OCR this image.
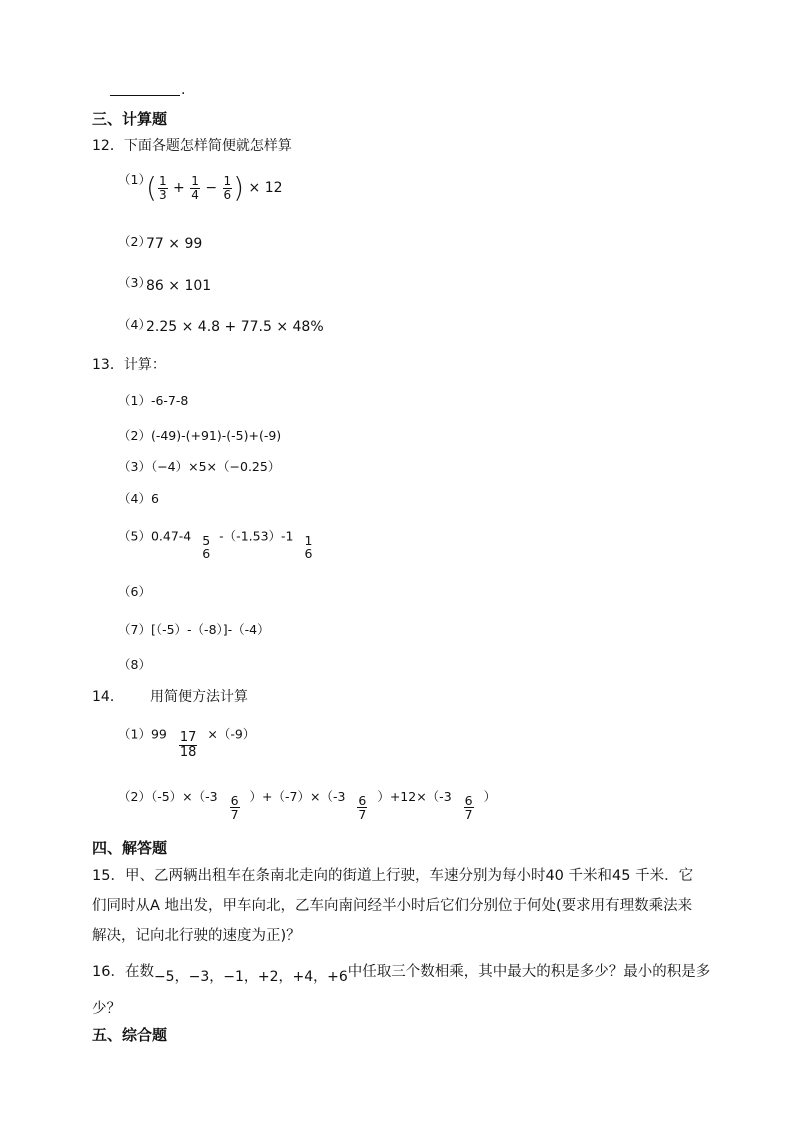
.
三、计算题
12．下面各题怎样简便就怎样算
$^{(1)}$
( $\frac{1}{3} + \frac{1}{4} - \frac{1}{6}$ ) × 12
（2）
77 × 99
（3）
86 × 101
（4）
2.25 × 4.8 + 77.5 × 48%
13．计算：
（1）-6-7-8
（2）(-49)-(+91)-(-5)+(-9)
（3）（−4）×5×（−0.25）
（4）6
（5）0.47-4 5
6
-（-1.53）-1 1
6
（6）
（7）[（-5）-（-8）]-（-4）
（8）
14． 用简便方法计算
$(1)99 \frac{17}{18} \times(-9)$
$(2)(-5)\times(-3 \frac{6}{7} )+(-7)\times(-3 \frac{6}{7} )+12\times(-3 \frac{6}{7}$ ）
四、解答题
15．甲、乙两辆出租车在条南北走向的街道上行驶，车速分别为每小时40 千米和45 千米．它
们同时从A 地出发，甲车向北，乙车向南问经半小时后它们分别位于何处(要求用有理数乘法来
解决，记向北行驶的速度为正)？
16．在数−5，−3，−1，+2，+4，+6中任取三个数相乘，其中最大的积是多少？最小的积是多
少？
五、综合题
